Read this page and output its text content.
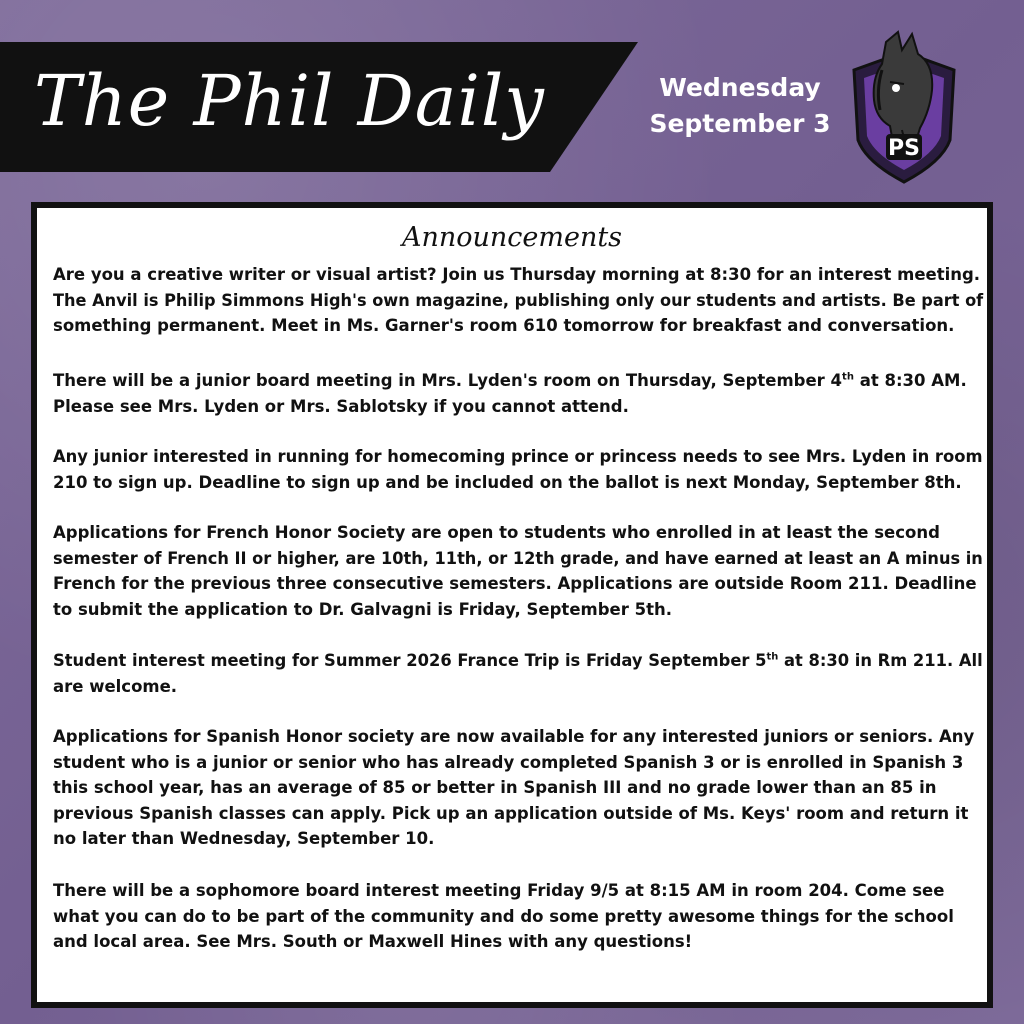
The Phil Daily	Wednesday
September 3
PS
Announcements
Are you a creative writer or visual artist? Join us Thursday morning at 8:30 for an interest meeting.
The Anvil is Philip Simmons High's own magazine, publishing only our students and artists. Be part of
something permanent. Meet in Ms. Garner's room 610 tomorrow for breakfast and conversation.
There will be a junior board meeting in Mrs. Lyden's room on Thursday, September 4th at 8:30 AM.
Please see Mrs. Lyden or Mrs. Sablotsky if you cannot attend.
Any junior interested in running for homecoming prince or princess needs to see Mrs. Lyden in room
210 to sign up. Deadline to sign up and be included on the ballot is next Monday, September 8th.
Applications for French Honor Society are open to students who enrolled in at least the second
semester of French II or higher, are 10th, 11th, or 12th grade, and have earned at least an A minus in
French for the previous three consecutive semesters. Applications are outside Room 211. Deadline
to submit the application to Dr. Galvagni is Friday, September 5th.
Student interest meeting for Summer 2026 France Trip is Friday September 5th at 8:30 in Rm 211. All
are welcome.
Applications for Spanish Honor society are now available for any interested juniors or seniors. Any
student who is a junior or senior who has already completed Spanish 3 or is enrolled in Spanish 3
this school year, has an average of 85 or better in Spanish III and no grade lower than an 85 in
previous Spanish classes can apply. Pick up an application outside of Ms. Keys' room and return it
no later than Wednesday, September 10.
There will be a sophomore board interest meeting Friday 9/5 at 8:15 AM in room 204. Come see
what you can do to be part of the community and do some pretty awesome things for the school
and local area. See Mrs. South or Maxwell Hines with any questions!
